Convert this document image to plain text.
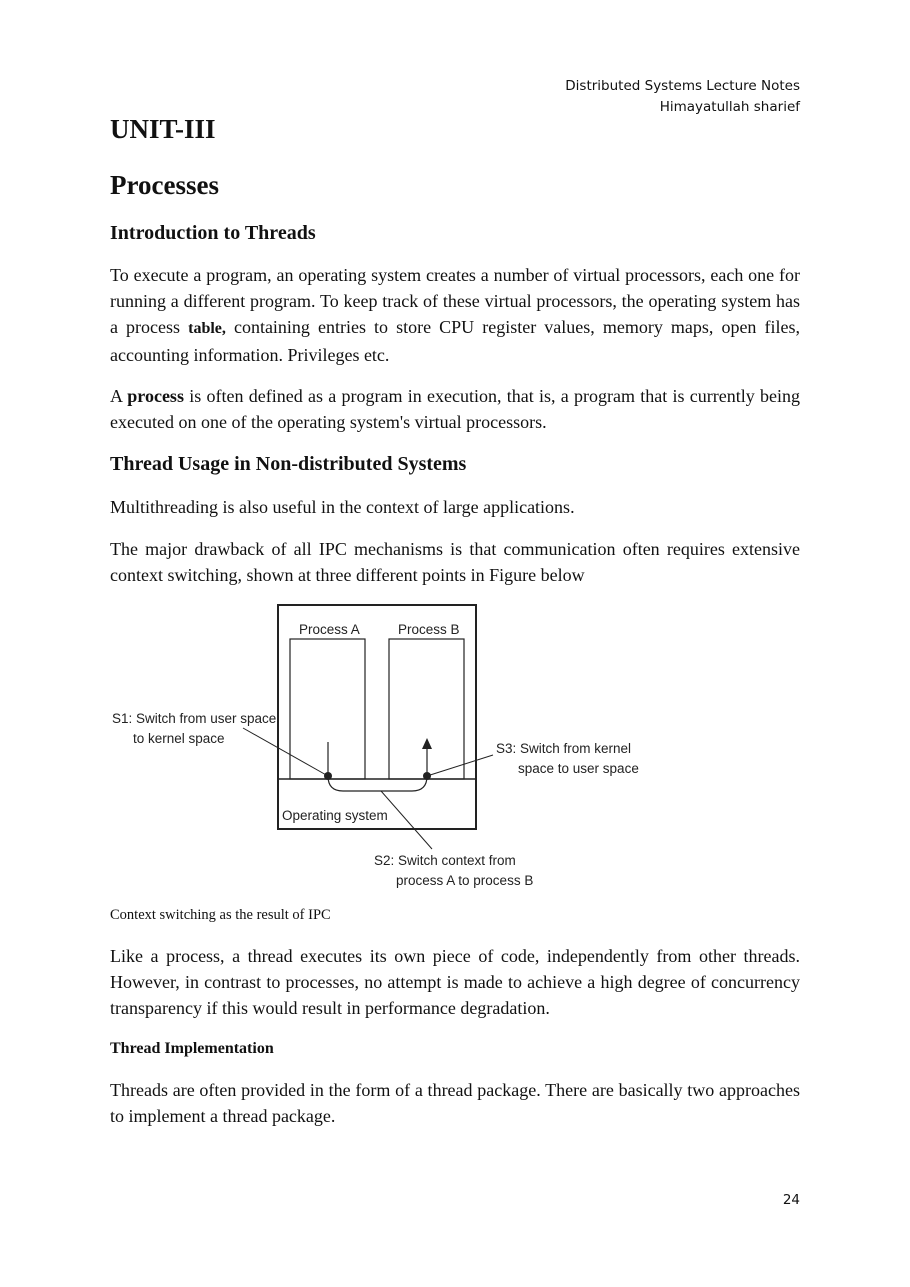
Distributed Systems Lecture Notes
Himayatullah sharief
UNIT-III
Processes
Introduction to Threads

To execute a program, an operating system creates a number of virtual processors, each one for running a different program. To keep track of these virtual processors, the operating system has a process table, containing entries to store CPU register values, memory maps, open files, accounting information. Privileges etc.

A process is often defined as a program in execution, that is, a program that is currently being executed on one of the operating system's virtual processors.

Thread Usage in Non-distributed Systems

Multithreading is also useful in the context of large applications.

The major drawback of all IPC mechanisms is that communication often requires extensive context switching, shown at three different points in Figure below

Process A	Process B
Operating system
S1: Switch from user space
to kernel space
S3: Switch from kernel
space to user space
S2: Switch context from
process A to process B

Context switching as the result of IPC

Like a process, a thread executes its own piece of code, independently from other threads. However, in contrast to processes, no attempt is made to achieve a high degree of concurrency transparency if this would result in performance degradation.

Thread Implementation

Threads are often provided in the form of a thread package. There are basically two approaches to implement a thread package.

24
